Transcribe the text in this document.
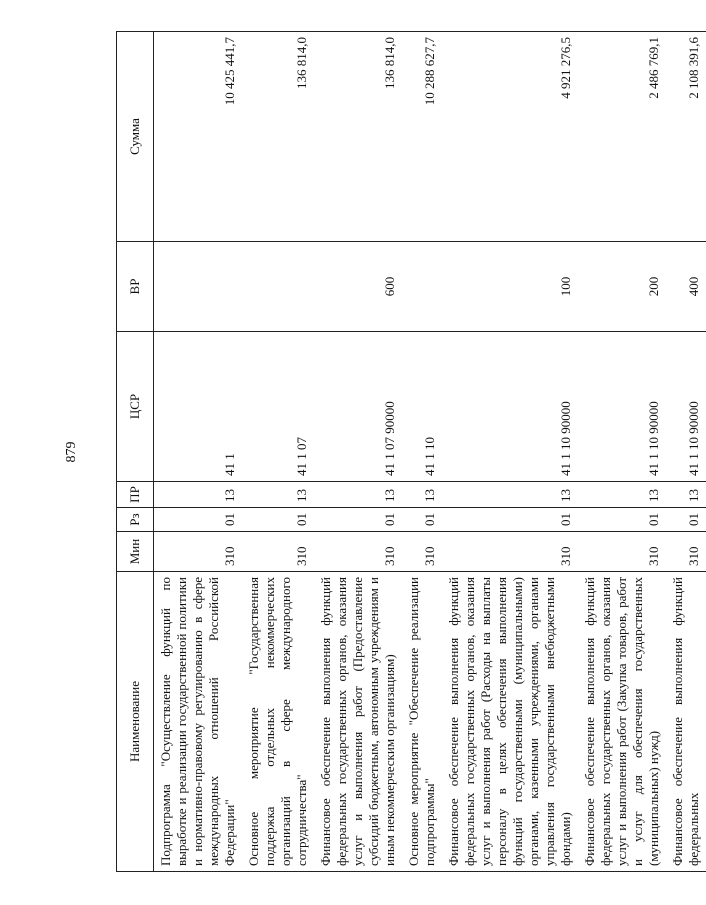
879
Наименование	Мин	Рз	ПР	ЦСР	ВР	Сумма
Подпрограмма "Осуществление функций по выработке и реализации государственной политики и нормативно-правовому регулированию в сфере международных отношений Российской Федерации"	310	01	13	41 1		10 425 441,7
Основное мероприятие "Государственная поддержка отдельных некоммерческих организаций в сфере международного сотрудничества"	310	01	13	41 1 07		136 814,0
Финансовое обеспечение выполнения функций федеральных государственных органов, оказания услуг и выполнения работ (Предоставление субсидий бюджетным, автономным учреждениям и иным некоммерческим организациям)	310	01	13	41 1 07 90000	600	136 814,0
Основное мероприятие "Обеспечение реализации подпрограммы"	310	01	13	41 1 10		10 288 627,7
Финансовое обеспечение выполнения функций федеральных государственных органов, оказания услуг и выполнения работ (Расходы на выплаты персоналу в целях обеспечения выполнения функций государственными (муниципальными) органами, казенными учреждениями, органами управления государственными внебюджетными фондами)	310	01	13	41 1 10 90000	100	4 921 276,5
Финансовое обеспечение выполнения функций федеральных государственных органов, оказания услуг и выполнения работ (Закупка товаров, работ и услуг для обеспечения государственных (муниципальных) нужд)	310	01	13	41 1 10 90000	200	2 486 769,1
Финансовое обеспечение выполнения функций федеральных	310	01	13	41 1 10 90000	400	2 108 391,6
